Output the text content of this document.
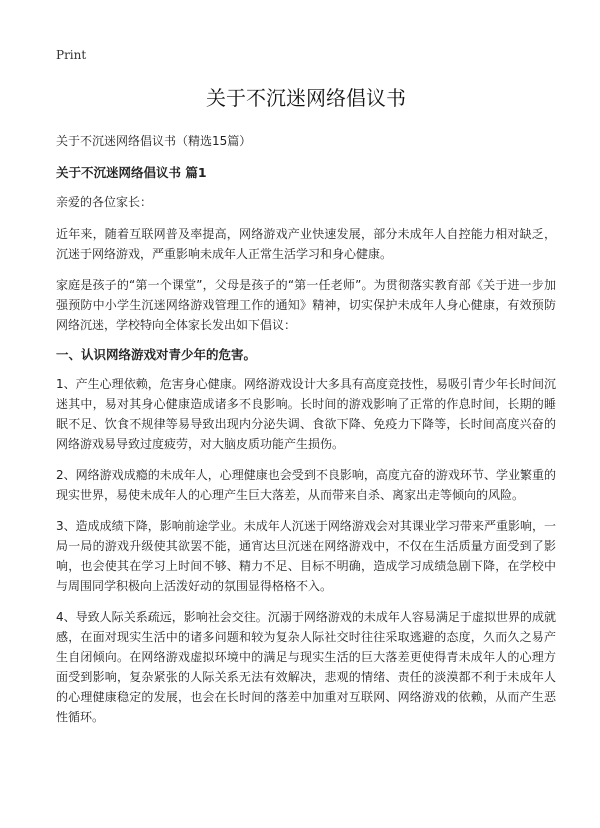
Print
关于不沉迷网络倡议书

关于不沉迷网络倡议书（精选15篇）

关于不沉迷网络倡议书 篇1

亲爱的各位家长：

近年来，随着互联网普及率提高，网络游戏产业快速发展，部分未成年人自控能力相对缺乏，沉迷于网络游戏，严重影响未成年人正常生活学习和身心健康。

家庭是孩子的“第一个课堂”，父母是孩子的“第一任老师”。为贯彻落实教育部《关于进一步加强预防中小学生沉迷网络游戏管理工作的通知》精神，切实保护未成年人身心健康，有效预防网络沉迷，学校特向全体家长发出如下倡议：

一、认识网络游戏对青少年的危害。

1、产生心理依赖，危害身心健康。网络游戏设计大多具有高度竞技性，易吸引青少年长时间沉迷其中，易对其身心健康造成诸多不良影响。长时间的游戏影响了正常的作息时间，长期的睡眠不足、饮食不规律等易导致出现内分泌失调、食欲下降、免疫力下降等，长时间高度兴奋的网络游戏易导致过度疲劳，对大脑皮质功能产生损伤。

2、网络游戏成瘾的未成年人，心理健康也会受到不良影响，高度亢奋的游戏环节、学业繁重的现实世界，易使未成年人的心理产生巨大落差，从而带来自杀、离家出走等倾向的风险。

3、造成成绩下降，影响前途学业。未成年人沉迷于网络游戏会对其课业学习带来严重影响，一局一局的游戏升级使其欲罢不能，通宵达旦沉迷在网络游戏中，不仅在生活质量方面受到了影响，也会使其在学习上时间不够、精力不足、目标不明确，造成学习成绩急剧下降，在学校中与周围同学积极向上活泼好动的氛围显得格格不入。

4、导致人际关系疏远，影响社会交往。沉溺于网络游戏的未成年人容易满足于虚拟世界的成就感，在面对现实生活中的诸多问题和较为复杂人际社交时往往采取逃避的态度，久而久之易产生自闭倾向。在网络游戏虚拟环境中的满足与现实生活的巨大落差更使得青未成年人的心理方面受到影响，复杂紧张的人际关系无法有效解决，悲观的情绪、责任的淡漠都不利于未成年人的心理健康稳定的发展，也会在长时间的落差中加重对互联网、网络游戏的依赖，从而产生恶性循环。
